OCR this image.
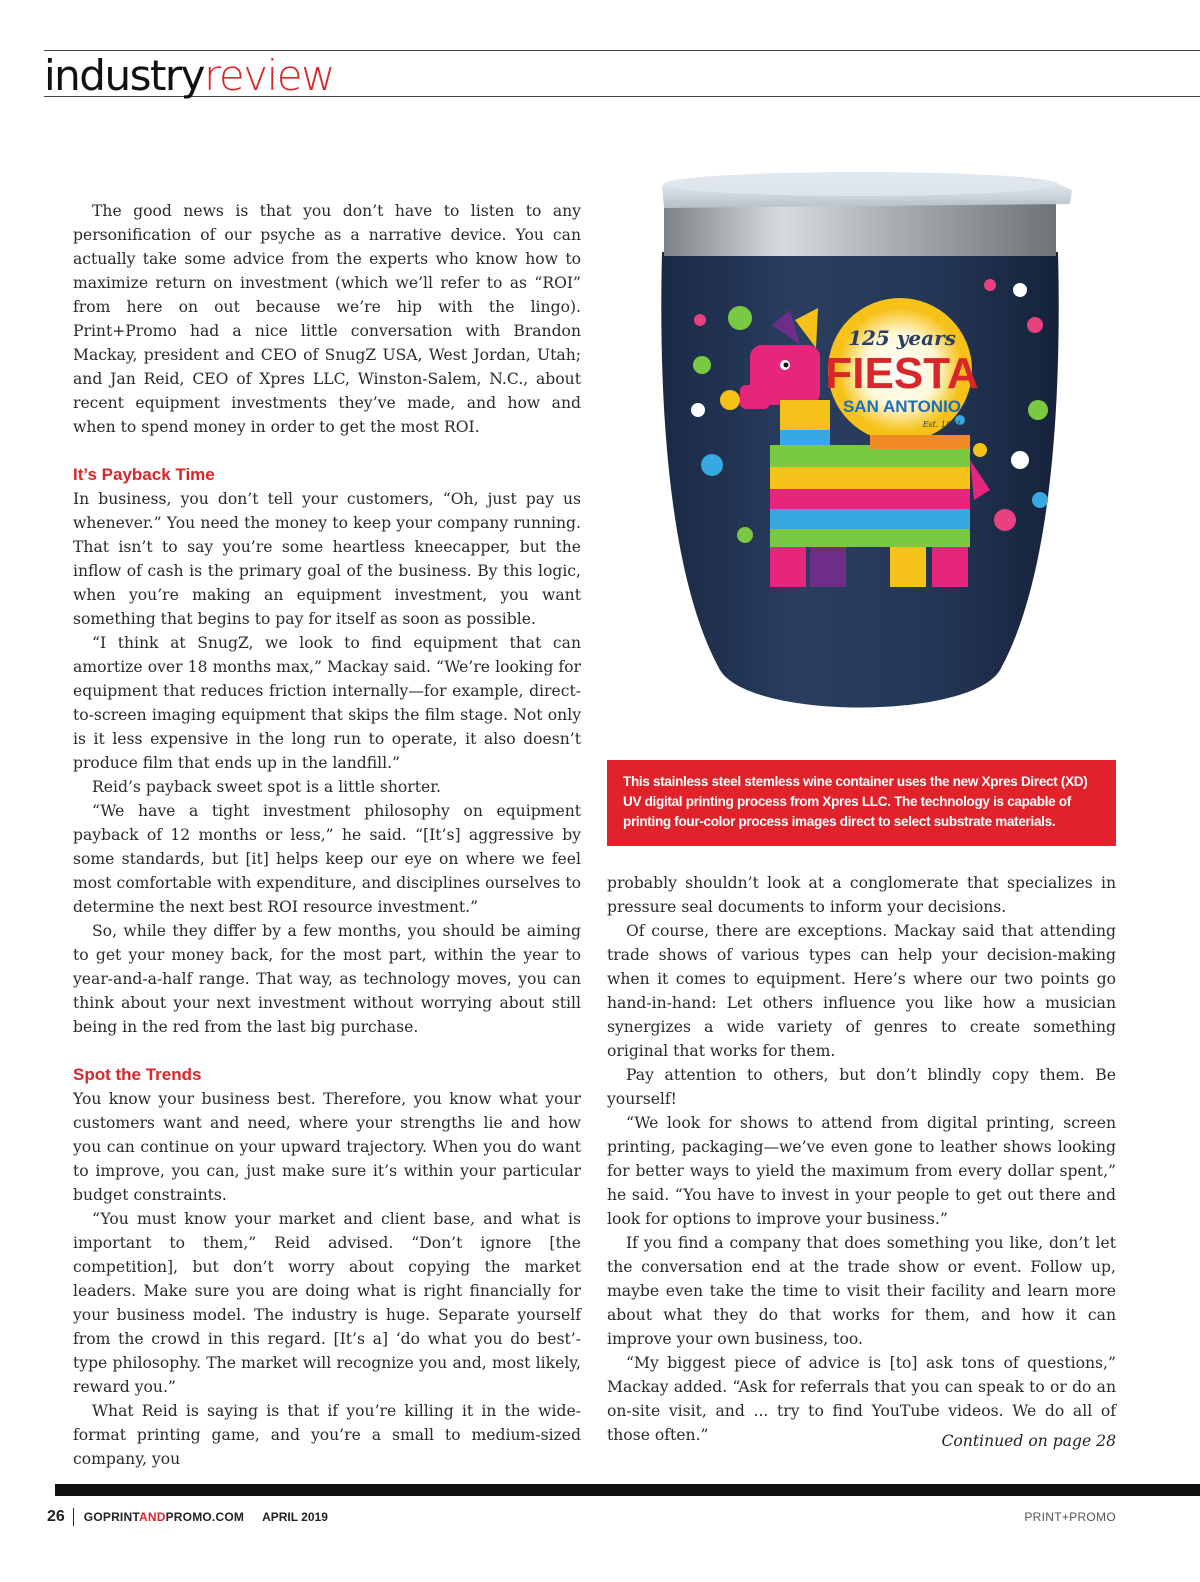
industryreview

The good news is that you don’t have to listen to any personification of our psyche as a narrative device. You can actually take some advice from the experts who know how to maximize return on investment (which we’ll refer to as “ROI” from here on out because we’re hip with the lingo). Print+Promo had a nice little conversation with Brandon Mackay, president and CEO of SnugZ USA, West Jordan, Utah; and Jan Reid, CEO of Xpres LLC, Winston-Salem, N.C., about recent equipment investments they’ve made, and how and when to spend money in order to get the most ROI.

It’s Payback Time

In business, you don’t tell your customers, “Oh, just pay us whenever.” You need the money to keep your company running. That isn’t to say you’re some heartless kneecapper, but the inflow of cash is the primary goal of the business. By this logic, when you’re making an equipment investment, you want something that begins to pay for itself as soon as possible.

“I think at SnugZ, we look to find equipment that can amortize over 18 months max,” Mackay said. “We’re looking for equipment that reduces friction internally—for example, direct-to-screen imaging equipment that skips the film stage. Not only is it less expensive in the long run to operate, it also doesn’t produce film that ends up in the landfill.”

Reid’s payback sweet spot is a little shorter.

“We have a tight investment philosophy on equipment payback of 12 months or less,” he said. “[It’s] aggressive by some standards, but [it] helps keep our eye on where we feel most comfortable with expenditure, and disciplines ourselves to determine the next best ROI resource investment.”

So, while they differ by a few months, you should be aiming to get your money back, for the most part, within the year to year-and-a-half range. That way, as technology moves, you can think about your next investment without worrying about still being in the red from the last big purchase.

Spot the Trends

You know your business best. Therefore, you know what your customers want and need, where your strengths lie and how you can continue on your upward trajectory. When you do want to improve, you can, just make sure it’s within your particular budget constraints.

“You must know your market and client base, and what is important to them,” Reid advised. “Don’t ignore [the competition], but don’t worry about copying the market leaders. Make sure you are doing what is right financially for your business model. The industry is huge. Separate yourself from the crowd in this regard. [It’s a] ‘do what you do best’-type philosophy. The market will recognize you and, most likely, reward you.”

What Reid is saying is that if you’re killing it in the wide-format printing game, and you’re a small to medium-sized company, you

125 years
FIESTA
SAN ANTONIO
Est. 1891
This stainless steel stemless wine container uses the new Xpres Direct (XD) UV digital printing process from Xpres LLC. The technology is capable of printing four-color process images direct to select substrate materials.

probably shouldn’t look at a conglomerate that specializes in pressure seal documents to inform your decisions.

Of course, there are exceptions. Mackay said that attending trade shows of various types can help your decision-making when it comes to equipment. Here’s where our two points go hand-in-hand: Let others influence you like how a musician synergizes a wide variety of genres to create something original that works for them.

Pay attention to others, but don’t blindly copy them. Be yourself!

“We look for shows to attend from digital printing, screen printing, packaging—we’ve even gone to leather shows looking for better ways to yield the maximum from every dollar spent,” he said. “You have to invest in your people to get out there and look for options to improve your business.”

If you find a company that does something you like, don’t let the conversation end at the trade show or event. Follow up, maybe even take the time to visit their facility and learn more about what they do that works for them, and how it can improve your own business, too.

“My biggest piece of advice is [to] ask tons of questions,” Mackay added. “Ask for referrals that you can speak to or do an on-site visit, and ... try to find YouTube videos. We do all of those often.”	Continued on page 28
26 GOPRINTANDPROMO.COM APRIL 2019	PRINT+PROMO
